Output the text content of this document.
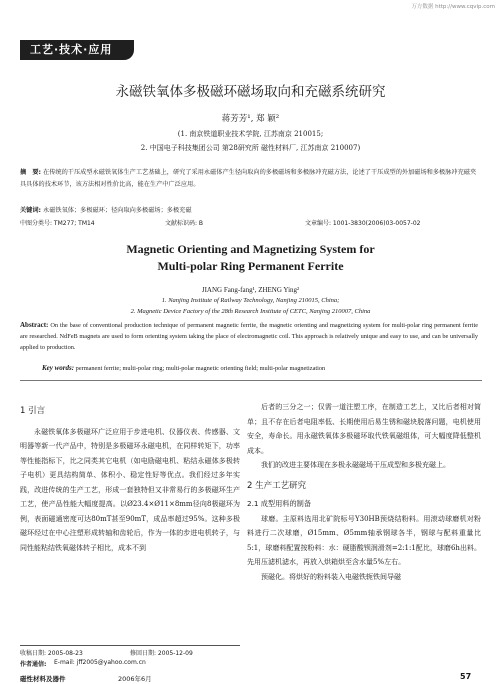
万方数据 http://www.cqvip.com
工艺·技术·应用
永磁铁氧体多极磁环磁场取向和充磁系统研究
蒋芳芳¹, 郑 颖²
(1. 南京铁道职业技术学院, 江苏南京 210015;
2. 中国电子科技集团公司 第28研究所 磁性材料厂, 江苏南京 210007)
摘　要: 在传统的干压成型永磁铁氧体生产工艺基础上，研究了采用永磁体产生径向取向的多极磁场和多极脉冲充磁方法，论述了干压成型的外加磁场和多极脉冲充磁夹具具体的技术环节，该方法相对性价比高，能在生产中广泛应用。
关键词: 永磁铁氧体；多极磁环；径向取向多极磁场；多极充磁
中图分类号: TM277; TM14	文献标识码: B	文章编号: 1001-3830(2006)03-0057-02
Magnetic Orienting and Magnetizing System for
Multi-polar Ring Permanent Ferrite
JIANG Fang-fang¹, ZHENG Ying²
1. Nanjing Institute of Railway Technology, Nanjing 210015, China;
2. Magnetic Device Factory of the 28th Research Institute of CETC, Nanjing 210007, China
Abstract: On the base of conventional production technique of permanent magnetic ferrite, the magnetic orienting and magnetizing system for multi-polar ring permanent ferrite are researched. NdFeB magnets are used to form orienting system taking the place of electromagnetic coil. This approach is relatively unique and easy to use, and can be universally applied to production.
Key words: permanent ferrite; multi-polar ring; multi-polar magnetic orienting field; multi-polar magnetization
1 引言
永磁铁氧体多极磁环广泛应用于步进电机、仪器仪表、传感器、文明器等新一代产品中，特别是多极磁环永磁电机，在同样转矩下，功率等性能指标下，比之同类其它电机（如电励磁电机、粘结永磁体多极转子电机）更具结构简单、体积小、稳定性好等优点。我们经过多年实践，改进传统的生产工艺，形成一套独特但又非常易行的多极磁环生产工艺，使产品性能大幅度提高。以Ø23.4×Ø11×8mm径向8极磁环为例，表面磁通密度可达80mT甚至90mT，成品率超过95%。这种多极磁环经过在中心注塑形成转轴和齿轮后，作为一体的步进电机转子，与同性能粘结铁氧磁体转子相比，成本不到
后者的三分之一；仅需一道注塑工序，在制造工艺上，又比后者相对简单；且不存在后者电阻率低、长期使用后易生锈和磁块脱落问题，电机使用安全，寿命长。用永磁铁氧体多极磁环取代铁氧磁组体，可大幅度降低整机成本。
我们的改进主要体现在多极永磁磁场干压成型和多极充磁上。
2 生产工艺研究
2.1 成型用料的制备
球磨。主原料选用北矿院标号Y30HB预烧结粉料。用滚动球磨机对粉料进行二次球磨，Ø15mm、Ø5mm轴承钢球各半，钢球与配料重量比5:1，球磨料配置按粉料：水：硬脂酸钡润滑剂=2:1:1配比，球磨6h出料。先用压滤机滤水，再放入烘箱烘至含水量5%左右。
预磁化。将烘好的粉料装入电磁铁轭铁间导磁
收稿日期: 2005-08-23	修回日期: 2005-12-09
作者通信: E-mail: jff2005@yahoo.com.cn
磁性材料及器件	2006年6月	57
